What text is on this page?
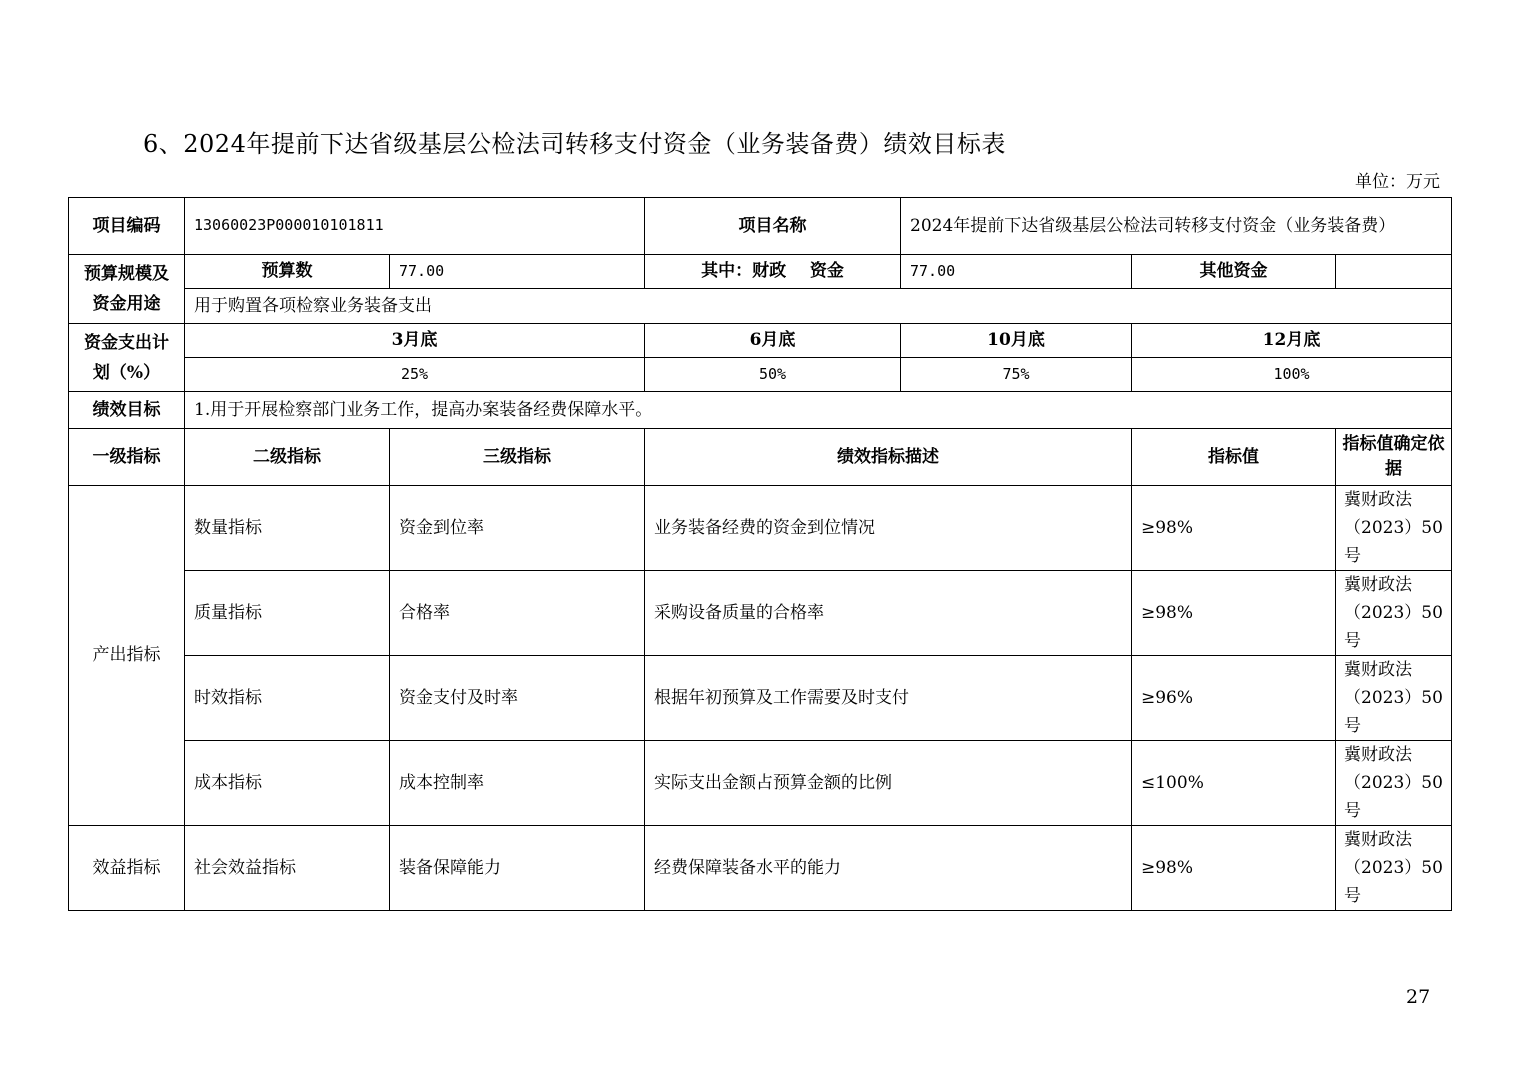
6、2024年提前下达省级基层公检法司转移支付资金（业务装备费）绩效目标表
单位：万元
项目编码	13060023P000010101811		项目名称	2024年提前下达省级基层公检法司转移支付资金（业务装备费）		

预算规模及
资金用途	预算数	77.00	其中：财政    资金	77.00	其他资金	
	用于购置各项检察业务装备支出					

资金支出计
划（%）	3月底		6月底	10月底	12月底	
	25%		50%	75%	100%	
绩效目标	1.用于开展检察部门业务工作，提高办案装备经费保障水平。					
一级指标	二级指标	三级指标	绩效指标描述		指标值	指标值确定依据
产出指标	数量指标	资金到位率	业务装备经费的资金到位情况		≥98%	冀财政法（2023）50号
	质量指标	合格率	采购设备质量的合格率		≥98%	冀财政法（2023）50号
	时效指标	资金支付及时率	根据年初预算及工作需要及时支付		≥96%	冀财政法（2023）50号
	成本指标	成本控制率	实际支出金额占预算金额的比例		≤100%	冀财政法（2023）50号
效益指标	社会效益指标	装备保障能力	经费保障装备水平的能力		≥98%	冀财政法（2023）50号
27
